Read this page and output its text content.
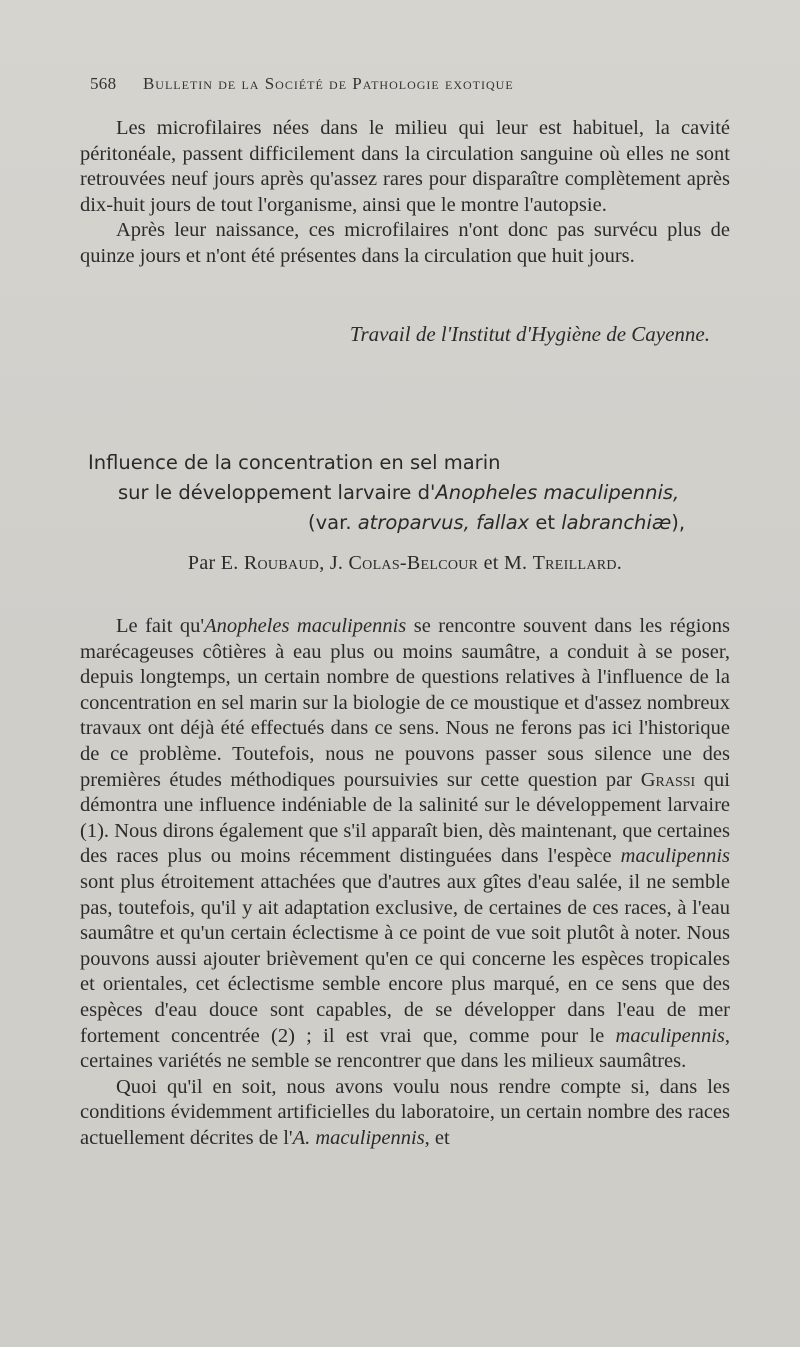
568 Bulletin de la Société de Pathologie exotique

Les microfilaires nées dans le milieu qui leur est habituel, la cavité péritonéale, passent difficilement dans la circulation sanguine où elles ne sont retrouvées neuf jours après qu'assez rares pour disparaître complètement après dix-huit jours de tout l'organisme, ainsi que le montre l'autopsie.

Après leur naissance, ces microfilaires n'ont donc pas survécu plus de quinze jours et n'ont été présentes dans la circulation que huit jours.

Travail de l'Institut d'Hygiène de Cayenne.
Influence de la concentration en sel marin
sur le développement larvaire d'Anopheles maculipennis,
(var. atroparvus, fallax et labranchiæ),
Par E. Roubaud, J. Colas-Belcour et M. Treillard.

Le fait qu'Anopheles maculipennis se rencontre souvent dans les régions marécageuses côtières à eau plus ou moins saumâtre, a conduit à se poser, depuis longtemps, un certain nombre de questions relatives à l'influence de la concentration en sel marin sur la biologie de ce moustique et d'assez nombreux travaux ont déjà été effectués dans ce sens. Nous ne ferons pas ici l'historique de ce problème. Toutefois, nous ne pouvons passer sous silence une des premières études méthodiques poursuivies sur cette question par Grassi qui démontra une influence indéniable de la salinité sur le développement larvaire (1). Nous dirons également que s'il apparaît bien, dès maintenant, que certaines des races plus ou moins récemment distinguées dans l'espèce maculipennis sont plus étroitement attachées que d'autres aux gîtes d'eau salée, il ne semble pas, toutefois, qu'il y ait adaptation exclusive, de certaines de ces races, à l'eau saumâtre et qu'un certain éclectisme à ce point de vue soit plutôt à noter. Nous pouvons aussi ajouter brièvement qu'en ce qui concerne les espèces tropicales et orientales, cet éclectisme semble encore plus marqué, en ce sens que des espèces d'eau douce sont capables, de se développer dans l'eau de mer fortement concentrée (2) ; il est vrai que, comme pour le maculipennis, certaines variétés ne semble se rencontrer que dans les milieux saumâtres.

Quoi qu'il en soit, nous avons voulu nous rendre compte si, dans les conditions évidemment artificielles du laboratoire, un certain nombre des races actuellement décrites de l'A. maculipennis, et
